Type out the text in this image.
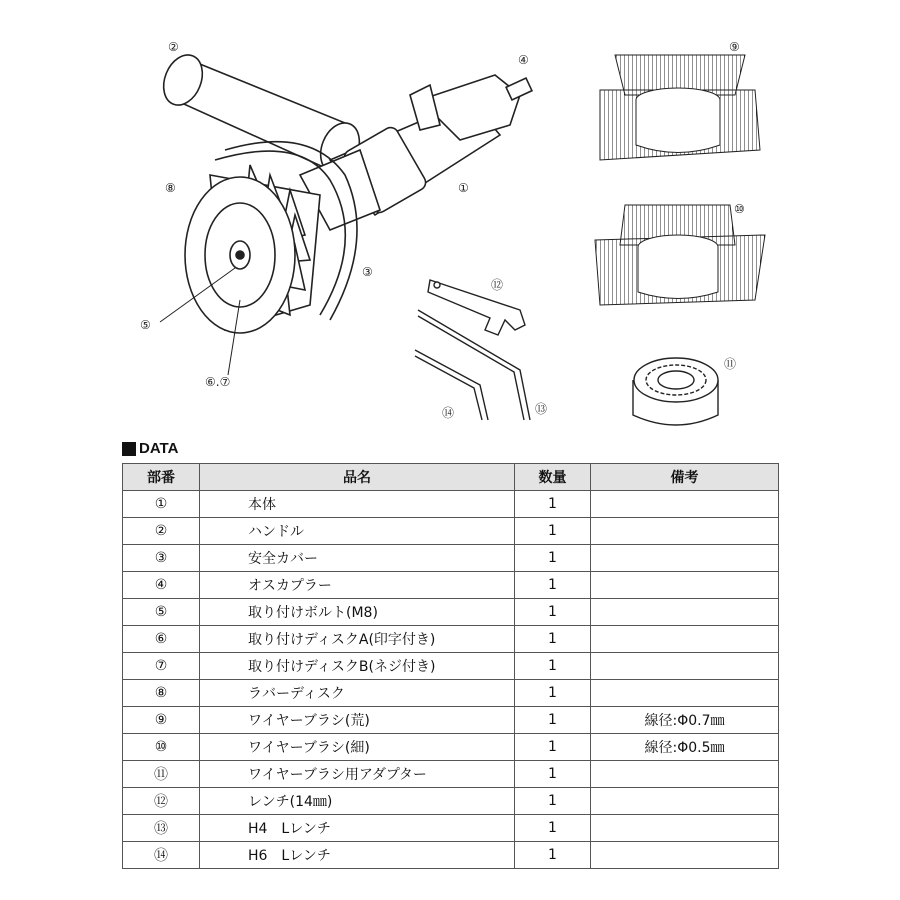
①
②
③
④
⑤
⑥.⑦
⑧
⑨
⑩
⑪
⑫
⑬
⑭
DATA
部番	品名	数量	備考
①	本体	1	
②	ハンドル	1	
③	安全カバー	1	
④	オスカプラー	1	
⑤	取り付けボルト(M8)	1	
⑥	取り付けディスクA(印字付き)	1	
⑦	取り付けディスクB(ネジ付き)	1	
⑧	ラバーディスク	1	
⑨	ワイヤーブラシ(荒)	1	線径:Φ0.7㎜
⑩	ワイヤーブラシ(細)	1	線径:Φ0.5㎜
⑪	ワイヤーブラシ用アダプター	1	
⑫	レンチ(14㎜)	1	
⑬	H4　Lレンチ	1	
⑭	H6　Lレンチ	1	
